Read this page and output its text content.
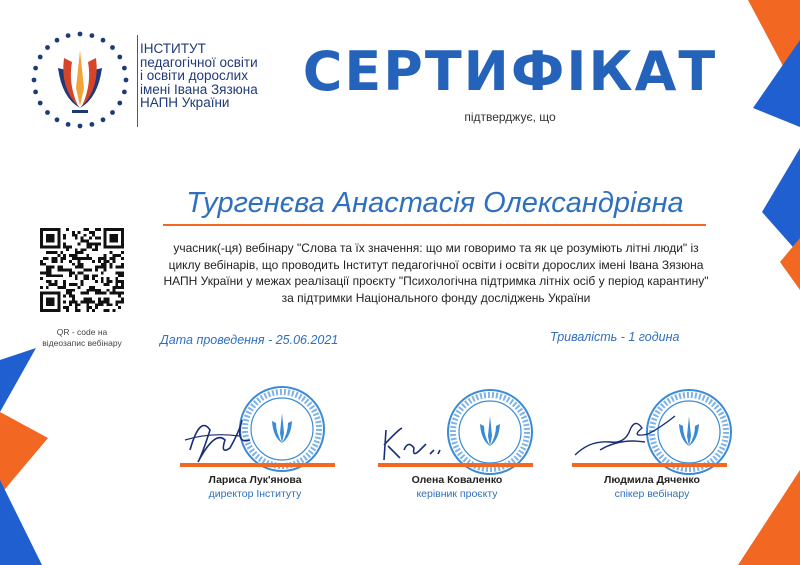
ІНСТИТУТ
педагогічної освіти
і освіти дорослих
імені Івана Зязюна
НАПН України	СЕРТИФІКАТ
підтверджує, що
Тургенєва Анастасія Олександрівна
QR - code на
відеозапис вебінару
учасник(-ця) вебінару "Слова та їх значення: що ми говоримо та як це розуміють літні люди" із циклу вебінарів, що проводить Інститут педагогічної освіти і освіти дорослих імені Івана Зязюна НАПН України у межах реалізації проєкту "Психологічна підтримка літніх осіб у період карантину" за підтримки Національного фонду досліджень України
Дата проведення - 25.06.2021	Тривалість - 1 година
Лариса Лук'янова
директор Інституту
Олена Коваленко
керівник проєкту
Людмила Дяченко
спікер вебінару
